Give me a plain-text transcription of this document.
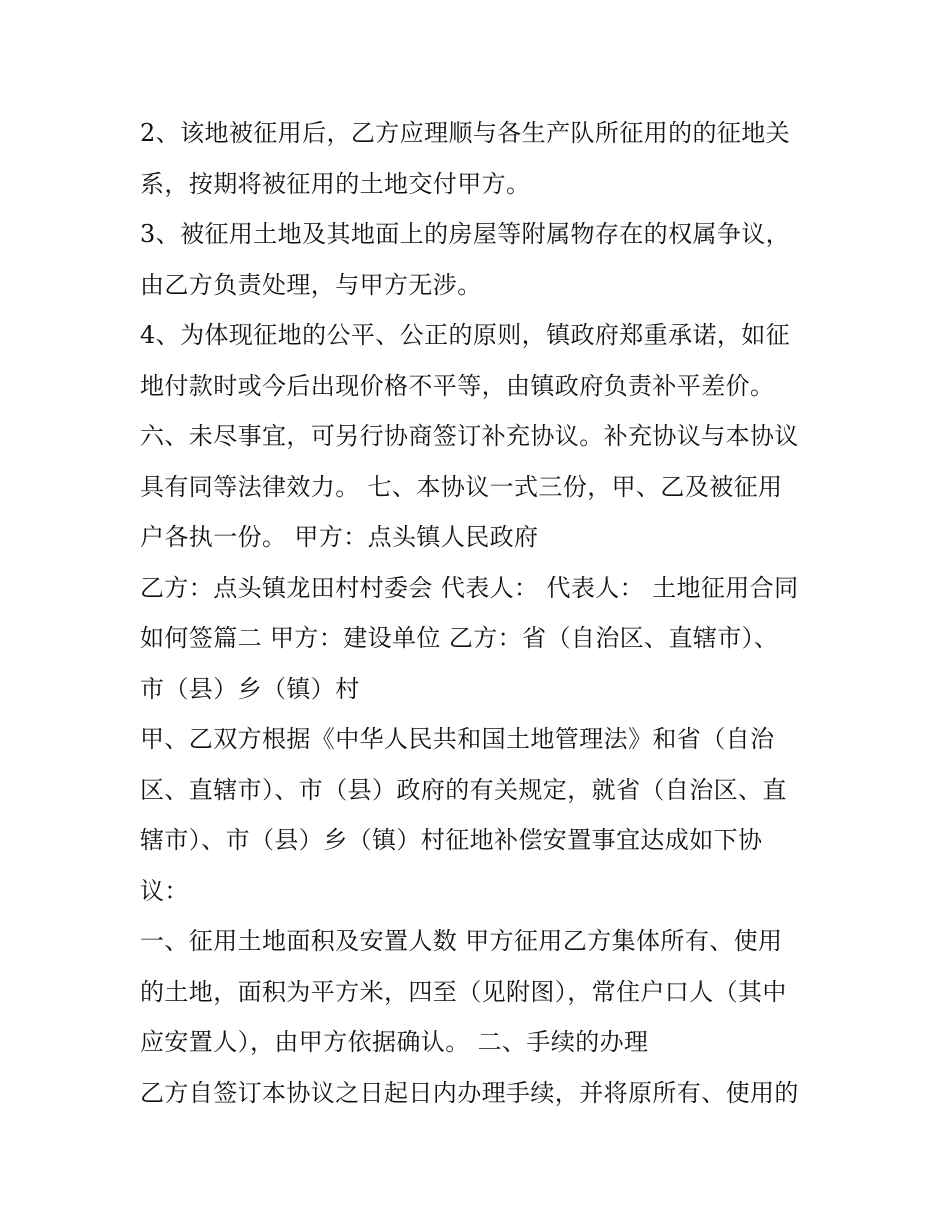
2、该地被征用后，乙方应理顺与各生产队所征用的的征地关
系，按期将被征用的土地交付甲方。
3、被征用土地及其地面上的房屋等附属物存在的权属争议，
由乙方负责处理，与甲方无涉。
4、为体现征地的公平、公正的原则，镇政府郑重承诺，如征
地付款时或今后出现价格不平等，由镇政府负责补平差价。
六、未尽事宜，可另行协商签订补充协议。补充协议与本协议
具有同等法律效力。 七、本协议一式三份，甲、乙及被征用
户各执一份。 甲方：点头镇人民政府
乙方：点头镇龙田村村委会 代表人： 代表人： 土地征用合同
如何签篇二 甲方：建设单位 乙方：省（自治区、直辖市）、
市（县）乡（镇）村
甲、乙双方根据《中华人民共和国土地管理法》和省（自治
区、直辖市）、市（县）政府的有关规定，就省（自治区、直
辖市）、市（县）乡（镇）村征地补偿安置事宜达成如下协
议：
一、征用土地面积及安置人数 甲方征用乙方集体所有、使用
的土地，面积为平方米，四至（见附图），常住户口人（其中
应安置人），由甲方依据确认。 二、手续的办理
乙方自签订本协议之日起日内办理手续，并将原所有、使用的
